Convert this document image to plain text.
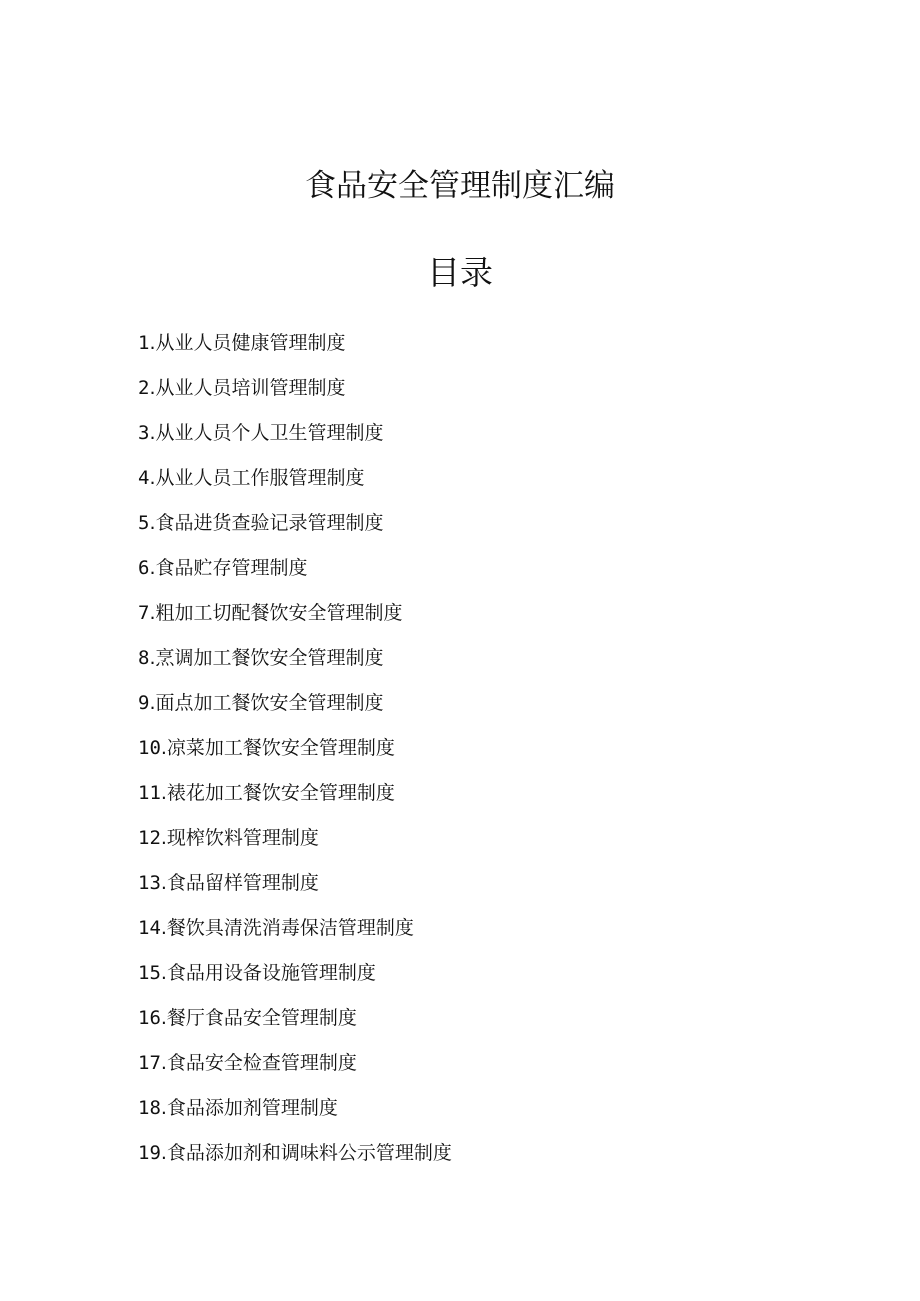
食品安全管理制度汇编
目录
1 .从业人员健康管理制度
2 .从业人员培训管理制度
3 .从业人员个人卫生管理制度
4 .从业人员工作服管理制度
5 .食品进货查验记录管理制度
6 .食品贮存管理制度
7 .粗加工切配餐饮安全管理制度
8 .烹调加工餐饮安全管理制度
9 .面点加工餐饮安全管理制度
10 .凉菜加工餐饮安全管理制度
11 .裱花加工餐饮安全管理制度
12 .现榨饮料管理制度
13 .食品留样管理制度
14 .餐饮具清洗消毒保洁管理制度
15 .食品用设备设施管理制度
16 .餐厅食品安全管理制度
17 .食品安全检查管理制度
18 .食品添加剂管理制度
19 .食品添加剂和调味料公示管理制度
